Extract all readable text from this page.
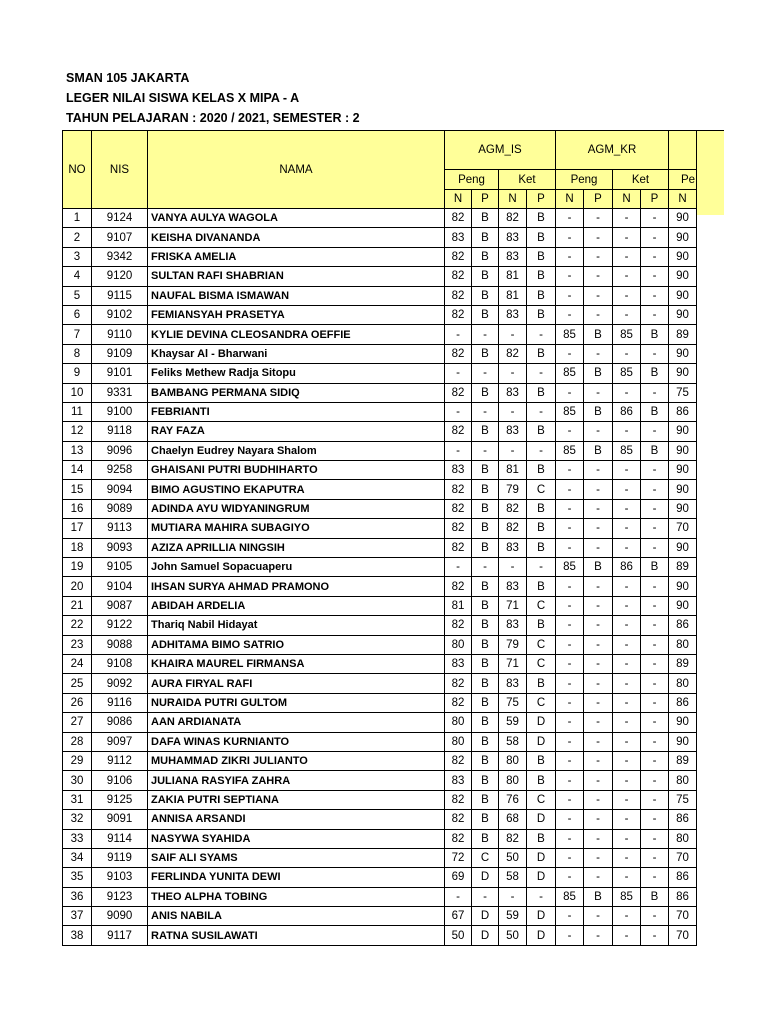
SMAN 105 JAKARTA
LEGER NILAI SISWA KELAS X MIPA - A
TAHUN PELAJARAN : 2020 / 2021, SEMESTER : 2
NO	NIS	NAMA	AGM_IS				AGM_KR				
			Peng		Ket		Peng		Ket		Pe
			N	P	N	P	N	P	N	P	N
1	9124	VANYA AULYA WAGOLA	82	B	82	B	-	-	-	-	90
2	9107	KEISHA DIVANANDA	83	B	83	B	-	-	-	-	90
3	9342	FRISKA AMELIA	82	B	83	B	-	-	-	-	90
4	9120	SULTAN RAFI SHABRIAN	82	B	81	B	-	-	-	-	90
5	9115	NAUFAL BISMA ISMAWAN	82	B	81	B	-	-	-	-	90
6	9102	FEMIANSYAH PRASETYA	82	B	83	B	-	-	-	-	90
7	9110	KYLIE DEVINA CLEOSANDRA OEFFIE	-	-	-	-	85	B	85	B	89
8	9109	Khaysar Al - Bharwani	82	B	82	B	-	-	-	-	90
9	9101	Feliks Methew Radja Sitopu	-	-	-	-	85	B	85	B	90
10	9331	BAMBANG PERMANA SIDIQ	82	B	83	B	-	-	-	-	75
11	9100	FEBRIANTI	-	-	-	-	85	B	86	B	86
12	9118	RAY FAZA	82	B	83	B	-	-	-	-	90
13	9096	Chaelyn Eudrey Nayara Shalom	-	-	-	-	85	B	85	B	90
14	9258	GHAISANI PUTRI BUDHIHARTO	83	B	81	B	-	-	-	-	90
15	9094	BIMO AGUSTINO EKAPUTRA	82	B	79	C	-	-	-	-	90
16	9089	ADINDA AYU WIDYANINGRUM	82	B	82	B	-	-	-	-	90
17	9113	MUTIARA MAHIRA SUBAGIYO	82	B	82	B	-	-	-	-	70
18	9093	AZIZA APRILLIA NINGSIH	82	B	83	B	-	-	-	-	90
19	9105	John Samuel Sopacuaperu	-	-	-	-	85	B	86	B	89
20	9104	IHSAN SURYA AHMAD PRAMONO	82	B	83	B	-	-	-	-	90
21	9087	ABIDAH ARDELIA	81	B	71	C	-	-	-	-	90
22	9122	Thariq Nabil Hidayat	82	B	83	B	-	-	-	-	86
23	9088	ADHITAMA BIMO SATRIO	80	B	79	C	-	-	-	-	80
24	9108	KHAIRA MAUREL FIRMANSA	83	B	71	C	-	-	-	-	89
25	9092	AURA FIRYAL RAFI	82	B	83	B	-	-	-	-	80
26	9116	NURAIDA PUTRI GULTOM	82	B	75	C	-	-	-	-	86
27	9086	AAN ARDIANATA	80	B	59	D	-	-	-	-	90
28	9097	DAFA WINAS KURNIANTO	80	B	58	D	-	-	-	-	90
29	9112	MUHAMMAD ZIKRI JULIANTO	82	B	80	B	-	-	-	-	89
30	9106	JULIANA RASYIFA ZAHRA	83	B	80	B	-	-	-	-	80
31	9125	ZAKIA PUTRI SEPTIANA	82	B	76	C	-	-	-	-	75
32	9091	ANNISA ARSANDI	82	B	68	D	-	-	-	-	86
33	9114	NASYWA SYAHIDA	82	B	82	B	-	-	-	-	80
34	9119	SAIF ALI SYAMS	72	C	50	D	-	-	-	-	70
35	9103	FERLINDA YUNITA DEWI	69	D	58	D	-	-	-	-	86
36	9123	THEO ALPHA TOBING	-	-	-	-	85	B	85	B	86
37	9090	ANIS NABILA	67	D	59	D	-	-	-	-	70
38	9117	RATNA SUSILAWATI	50	D	50	D	-	-	-	-	70
